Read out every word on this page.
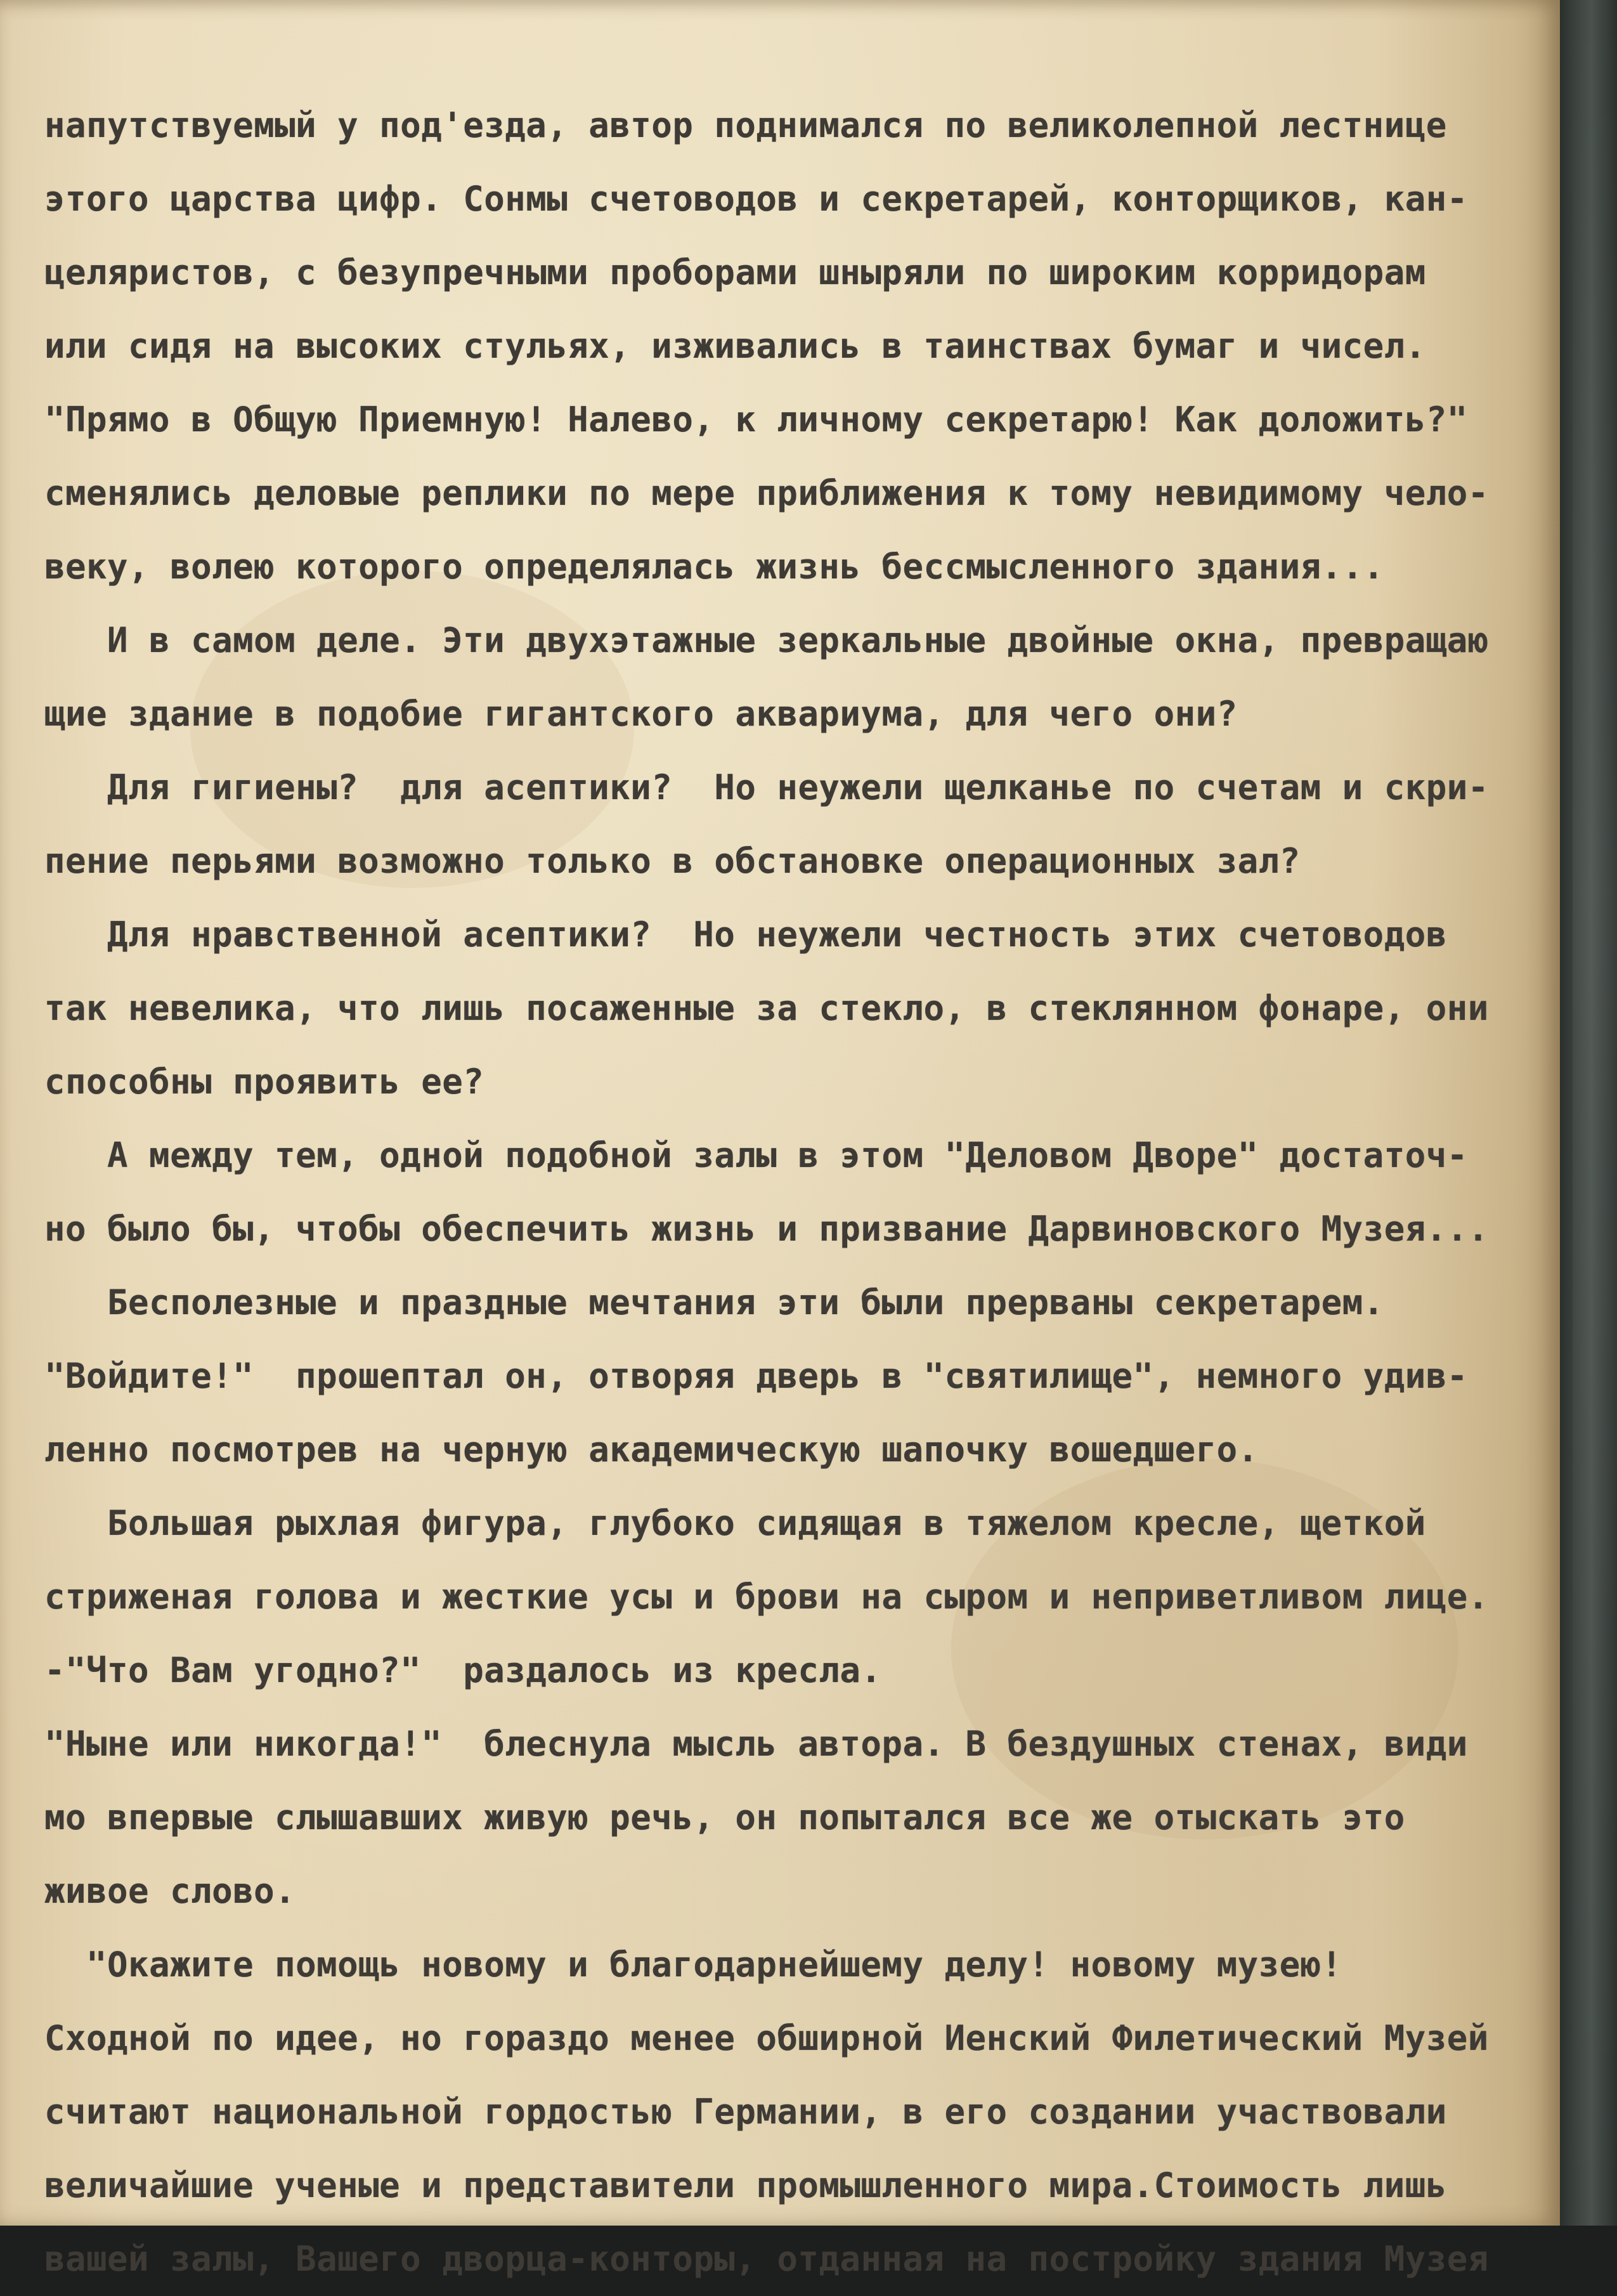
напутствуемый у под'езда, автор поднимался по великолепной лестнице
этого царства цифр. Сонмы счетоводов и секретарей, конторщиков, кан-
целяристов, с безупречными проборами шныряли по широким корридорам
или сидя на высоких стульях, изживались в таинствах бумаг и чисел.
"Прямо в Общую Приемную! Налево, к личному секретарю! Как доложить?"
сменялись деловые реплики по мере приближения к тому невидимому чело-
веку, волею которого определялась жизнь бессмысленного здания...
И в самом деле. Эти двухэтажные зеркальные двойные окна, превращаю
щие здание в подобие гигантского аквариума, для чего они?
Для гигиены?  для асептики?  Но неужели щелканье по счетам и скри-
пение перьями возможно только в обстановке операционных зал?
Для нравственной асептики?  Но неужели честность этих счетоводов
так невелика, что лишь посаженные за стекло, в стеклянном фонаре, они
способны проявить ее?
А между тем, одной подобной залы в этом "Деловом Дворе" достаточ-
но было бы, чтобы обеспечить жизнь и призвание Дарвиновского Музея...
Бесполезные и праздные мечтания эти были прерваны секретарем.
"Войдите!"  прошептал он, отворяя дверь в "святилище", немного удив-
ленно посмотрев на черную академическую шапочку вошедшего.
Большая рыхлая фигура, глубоко сидящая в тяжелом кресле, щеткой
стриженая голова и жесткие усы и брови на сыром и неприветливом лице.
-"Что Вам угодно?"  раздалось из кресла.
"Ныне или никогда!"  блеснула мысль автора. В бездушных стенах, види
мо впервые слышавших живую речь, он попытался все же отыскать это
живое слово.
"Окажите помощь новому и благодарнейшему делу! новому музею!
Сходной по идее, но гораздо менее обширной Иенский Филетический Музей
считают национальной гордостью Германии, в его создании участвовали
величайшие ученые и представители промышленного мира.Стоимость лишь
вашей залы, Вашего дворца-конторы, отданная на постройку здания Музея
